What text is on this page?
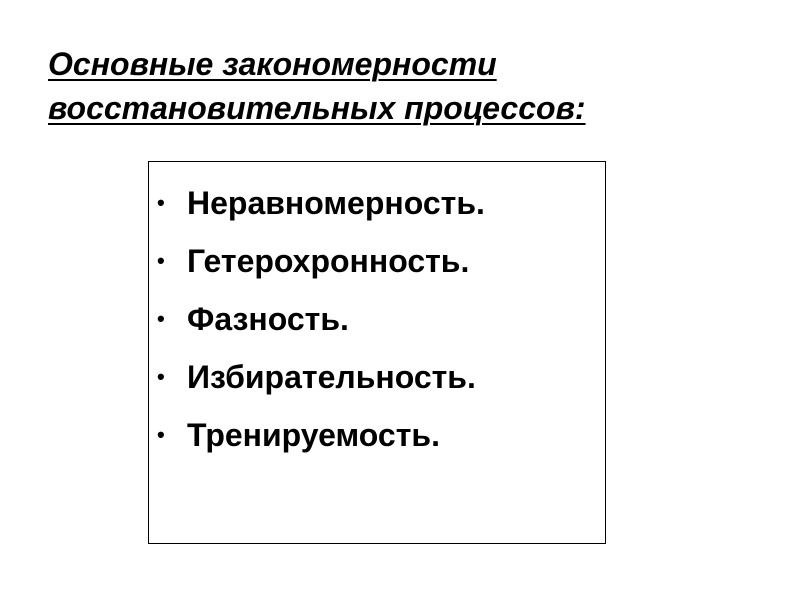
Основные закономерности
восстановительных процессов:
• Неравномерность.
• Гетерохронность.
• Фазность.
• Избирательность.
• Тренируемость.
